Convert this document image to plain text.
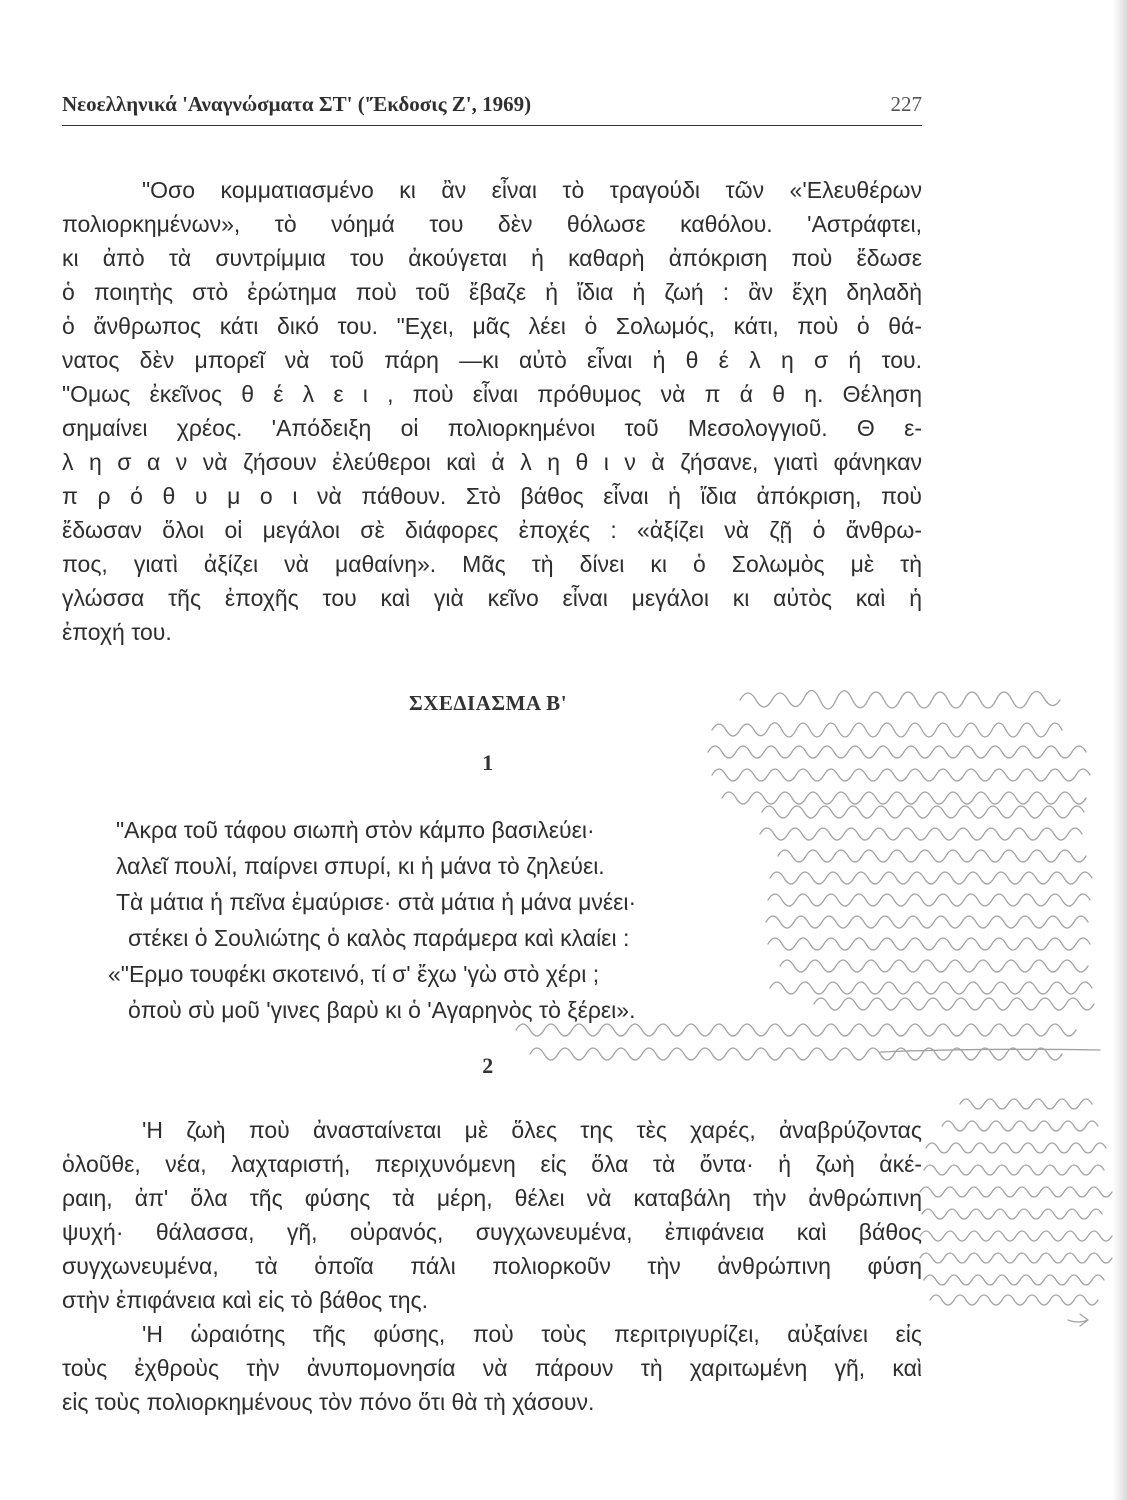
Νεοελληνικά 'Αναγνώσματα ΣΤ' ('Έκδοσις Ζ', 1969)	227
"Οσο κομματιασμένο κι ἂν εἶναι τὸ τραγούδι τῶν «'Ελευθέρων
πολιορκημένων», τὸ νόημά του δὲν θόλωσε καθόλου. 'Αστράφτει,
κι ἀπὸ τὰ συντρίμμια του ἀκούγεται ἡ καθαρὴ ἀπόκριση ποὺ ἔδωσε
ὁ ποιητὴς στὸ ἐρώτημα ποὺ τοῦ ἔβαζε ἡ ἴδια ἡ ζωή : ἂν ἔχη δηλαδὴ
ὁ ἄνθρωπος κάτι δικό του. "Εχει, μᾶς λέει ὁ Σολωμός, κάτι, ποὺ ὁ θά-
νατος δὲν μπορεῖ νὰ τοῦ πάρη —κι αὐτὸ εἶναι ἡ θ έ λ η σ ή του.
"Ομως ἐκεῖνος θ έ λ ε ι , ποὺ εἶναι πρόθυμος νὰ π ά θ η. Θέληση
σημαίνει χρέος. 'Απόδειξη οἱ πολιορκημένοι τοῦ Μεσολογγιοῦ. Θ ε-
λ η σ α ν νὰ ζήσουν ἐλεύθεροι καὶ ἀ λ η θ ι ν ὰ ζήσανε, γιατὶ φάνηκαν
π ρ ό θ υ μ ο ι νὰ πάθουν. Στὸ βάθος εἶναι ἡ ἴδια ἀπόκριση, ποὺ
ἔδωσαν ὅλοι οἱ μεγάλοι σὲ διάφορες ἐποχές : «ἀξίζει νὰ ζῇ ὁ ἄνθρω-
πος, γιατὶ ἀξίζει νὰ μαθαίνη». Μᾶς τὴ δίνει κι ὁ Σολωμὸς μὲ τὴ
γλώσσα τῆς ἐποχῆς του καὶ γιὰ κεῖνο εἶναι μεγάλοι κι αὐτὸς καὶ ἡ
ἐποχή του.
ΣΧΕΔΙΑΣΜΑ Β'
1
"Ακρα τοῦ τάφου σιωπὴ στὸν κάμπο βασιλεύει·
λαλεῖ πουλί, παίρνει σπυρί, κι ἡ μάνα τὸ ζηλεύει.
Τὰ μάτια ἡ πεῖνα ἐμαύρισε· στὰ μάτια ἡ μάνα μνέει·
στέκει ὁ Σουλιώτης ὁ καλὸς παράμερα καὶ κλαίει :
«"Ερμο τουφέκι σκοτεινό, τί σ' ἔχω 'γὼ στὸ χέρι ;
ὀποὺ σὺ μοῦ 'γινες βαρὺ κι ὁ 'Αγαρηνὸς τὸ ξέρει».
2
'Η ζωὴ ποὺ ἀνασταίνεται μὲ ὅλες της τὲς χαρές, ἀναβρύζοντας
ὁλοῦθε, νέα, λαχταριστή, περιχυνόμενη εἰς ὅλα τὰ ὄντα· ἡ ζωὴ ἀκέ-
ραιη, ἀπ' ὅλα τῆς φύσης τὰ μέρη, θέλει νὰ καταβάλη τὴν ἀνθρώπινη
ψυχή· θάλασσα, γῆ, οὐρανός, συγχωνευμένα, ἐπιφάνεια καὶ βάθος
συγχωνευμένα, τὰ ὁποῖα πάλι πολιορκοῦν τὴν ἀνθρώπινη φύση
στὴν ἐπιφάνεια καὶ εἰς τὸ βάθος της.
'Η ὡραιότης τῆς φύσης, ποὺ τοὺς περιτριγυρίζει, αὐξαίνει εἰς
τοὺς ἐχθροὺς τὴν ἀνυπομονησία νὰ πάρουν τὴ χαριτωμένη γῆ, καὶ
εἰς τοὺς πολιορκημένους τὸν πόνο ὅτι θὰ τὴ χάσουν.
